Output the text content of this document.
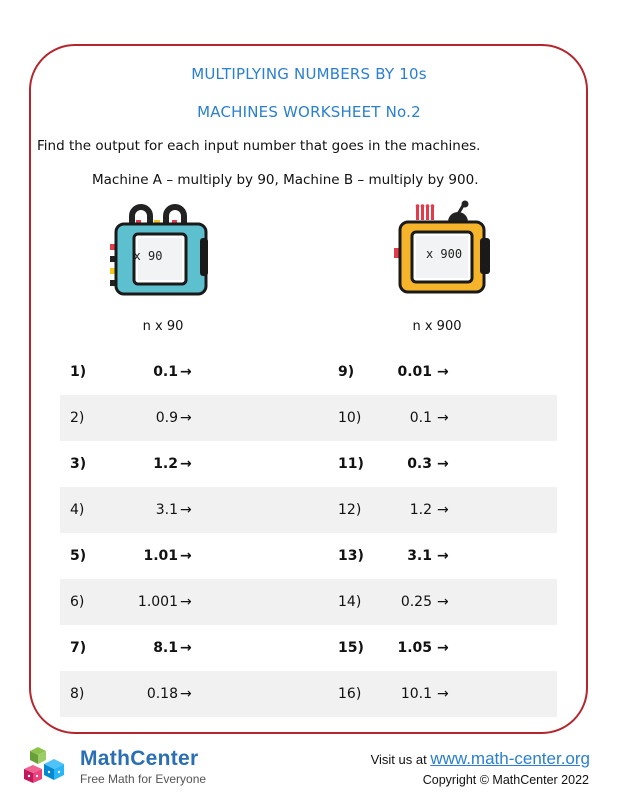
MULTIPLYING NUMBERS BY 10s
MACHINES WORKSHEET No.2
Find the output for each input number that goes in the machines.
Machine A – multiply by 90, Machine B – multiply by 900.
x 90	x 900
n x 90	n x 900
1)	0.1 →	9)	0.01 →
2)	0.9 →	10)	0.1 →
3)	1.2 →	11)	0.3 →
4)	3.1 →	12)	1.2 →
5)	1.01 →	13)	3.1 →
6)	1.001 →	14)	0.25 →
7)	8.1 →	15)	1.05 →
8)	0.18 →	16)	10.1 →
MathCenter
Free Math for Everyone
Visit us at www.math-center.org
Copyright © MathCenter 2022
